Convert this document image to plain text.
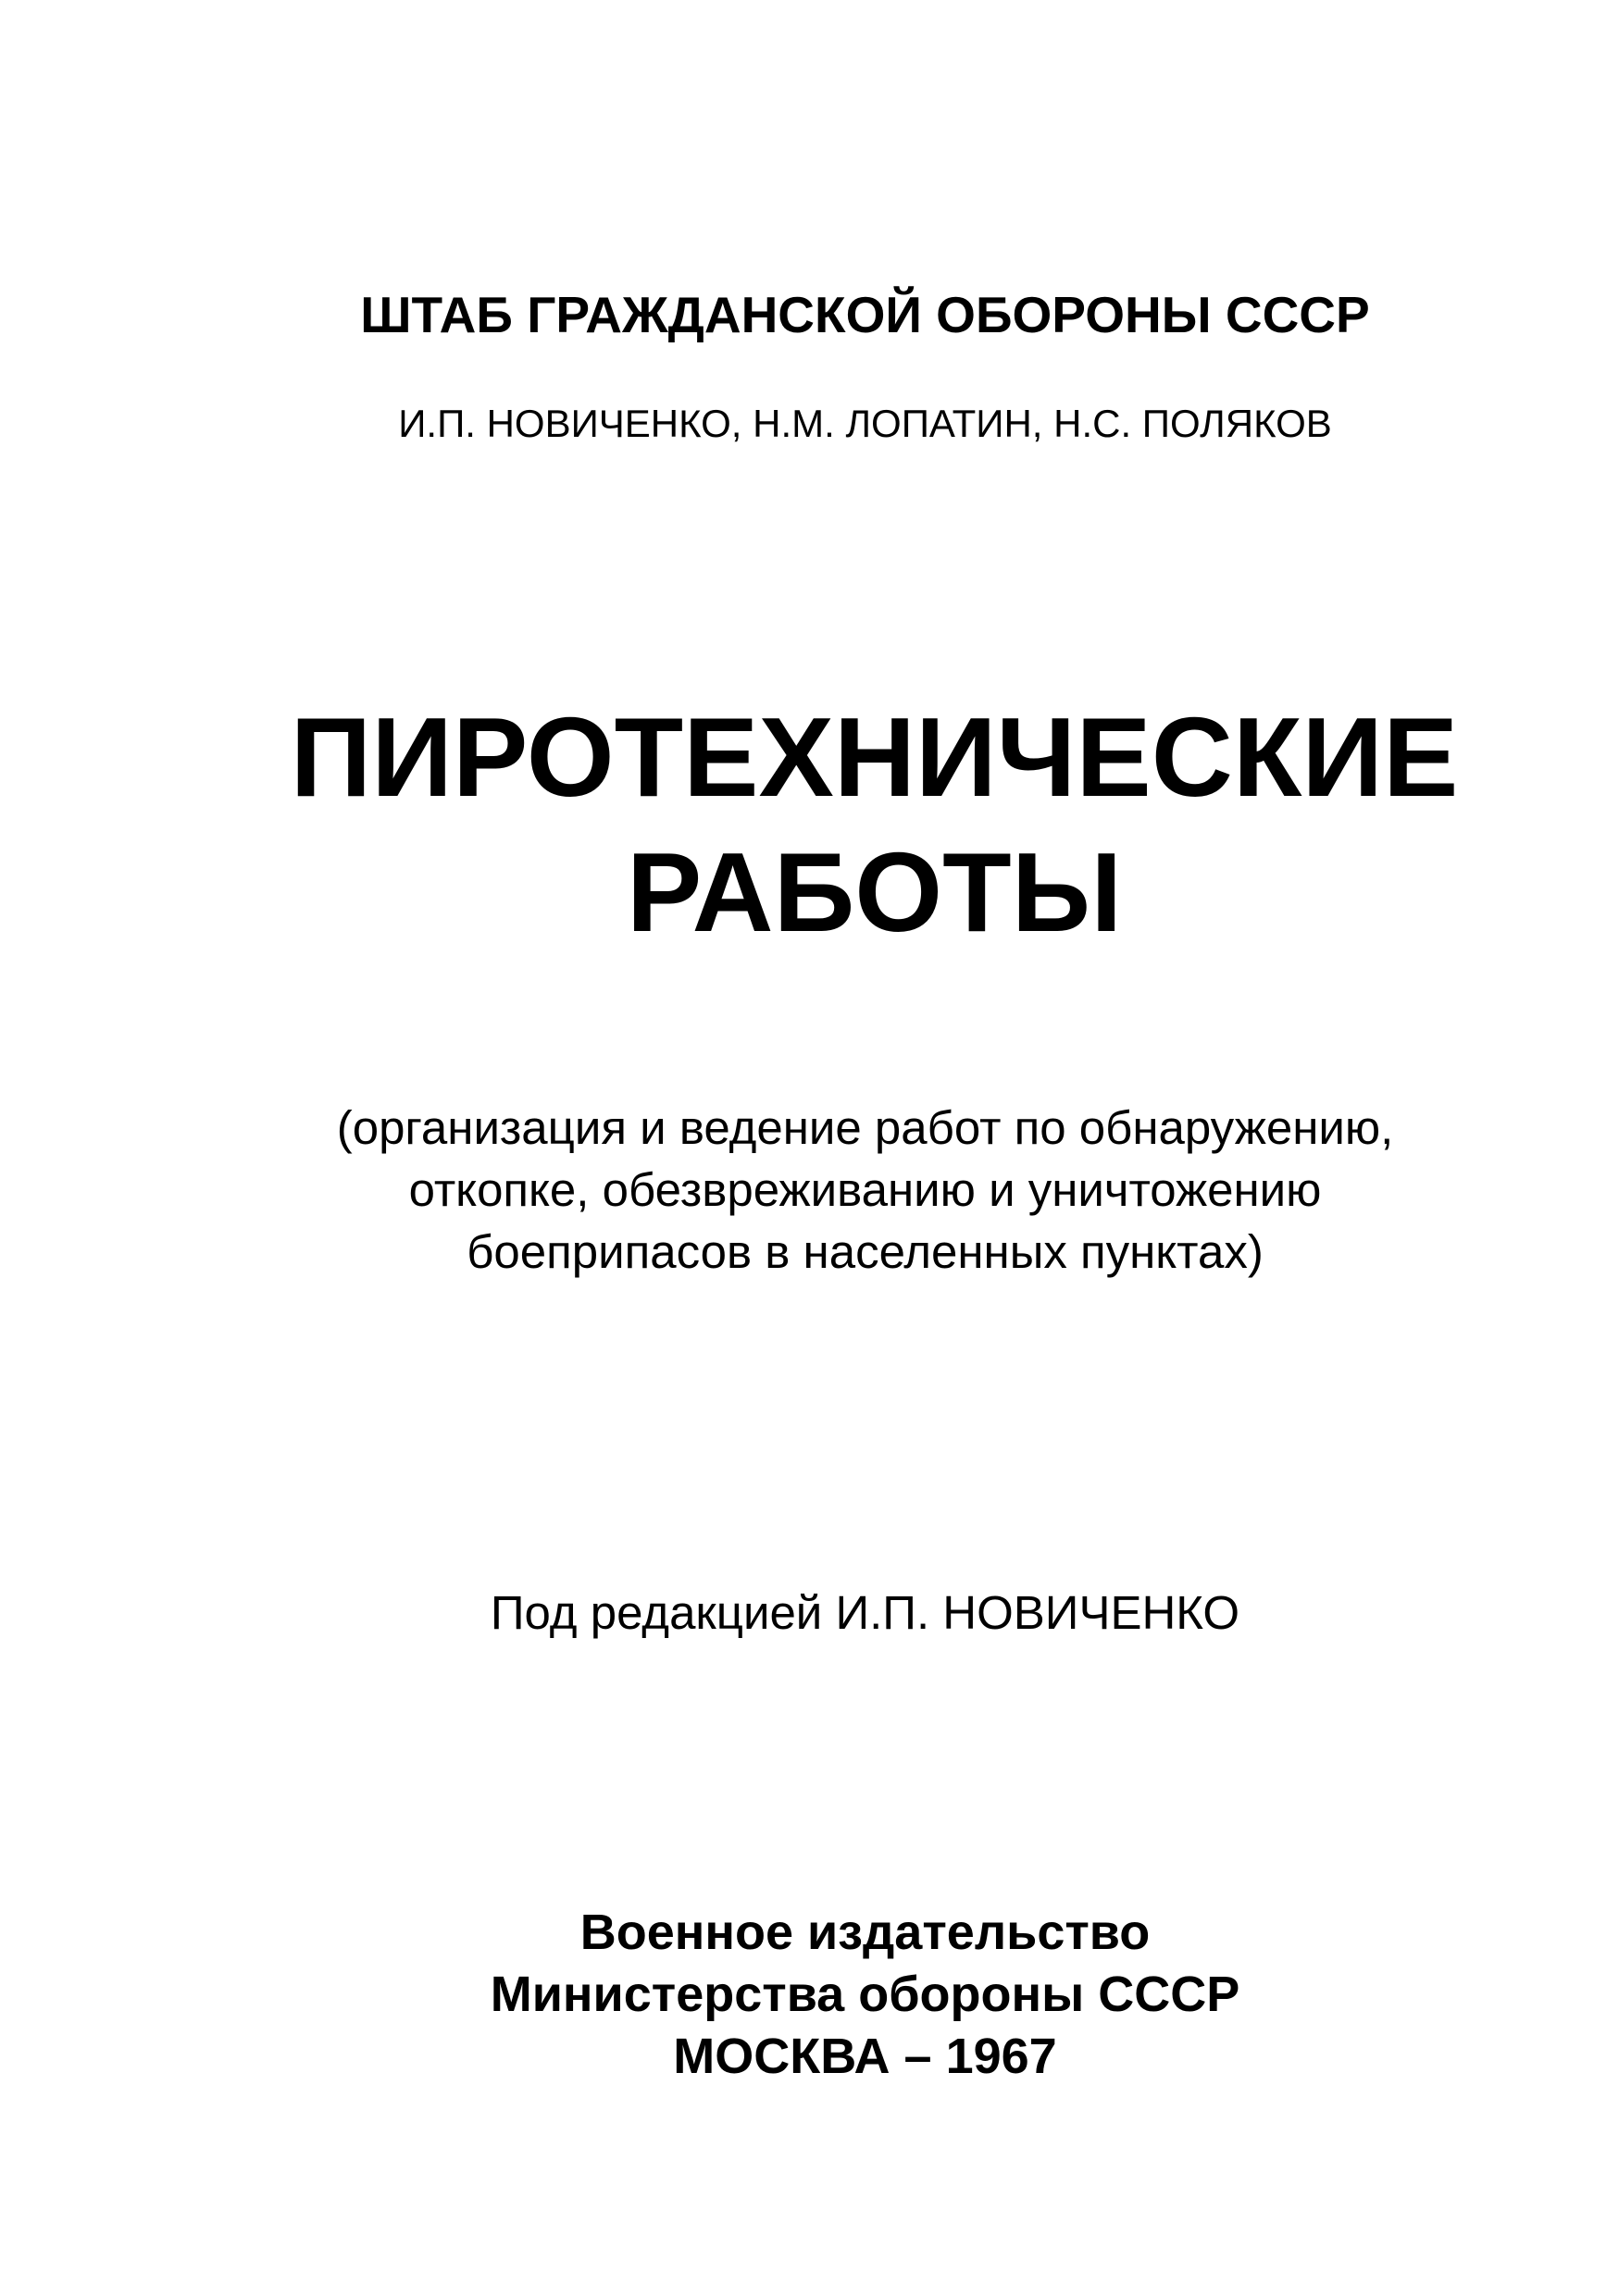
ШТАБ ГРАЖДАНСКОЙ ОБОРОНЫ СССР

И.П. НОВИЧЕНКО, Н.М. ЛОПАТИН, Н.С. ПОЛЯКОВ

ПИРОТЕХНИЧЕСКИЕ
РАБОТЫ
(организация и ведение работ по обнаружению,
откопке, обезвреживанию и уничтожению
боеприпасов в населенных пунктах)

Под редакцией И.П. НОВИЧЕНКО

Военное издательство
Министерства обороны СССР
МОСКВА – 1967
